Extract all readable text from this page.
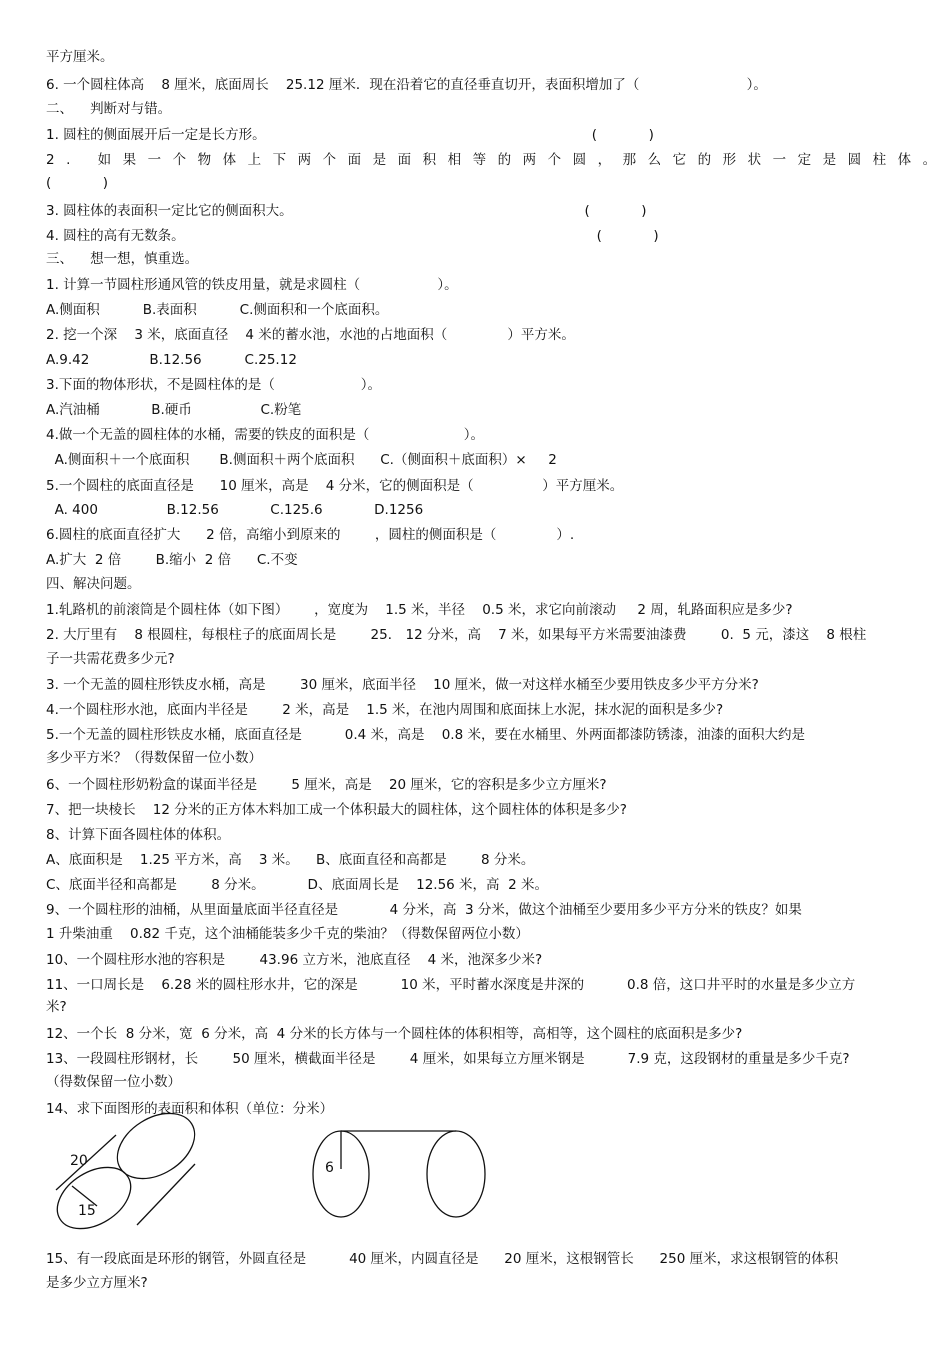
平方厘米。
6. 一个圆柱体高    8 厘米，底面周长    25.12 厘米．现在沿着它的直径垂直切开，表面积增加了（                         ）。
二、    判断对与错。
1. 圆柱的侧面展开后一定是长方形。                                                                            (            )
2. 如果一个物体上下两个面是面积相等的两个圆，那么它的形状一定是圆柱体。
(            )
3. 圆柱体的表面积一定比它的侧面积大。                                                                    (            )
4. 圆柱的高有无数条。                                                                                                (            )
三、    想一想，慎重选。
1. 计算一节圆柱形通风管的铁皮用量，就是求圆柱（                  ）。
A.侧面积          B.表面积          C.侧面积和一个底面积。
2. 挖一个深    3 米，底面直径    4 米的蓄水池，水池的占地面积（              ）平方米。
A.9.42              B.12.56          C.25.12
3.下面的物体形状，不是圆柱体的是（                    ）。
A.汽油桶            B.硬币                C.粉笔
4.做一个无盖的圆柱体的水桶，需要的铁皮的面积是（                      ）。
A.侧面积＋一个底面积       B.侧面积＋两个底面积      C.（侧面积＋底面积）×     2
5.一个圆柱的底面直径是      10 厘米，高是    4 分米，它的侧面积是（                ）平方厘米。
A. 400                B.12.56            C.125.6            D.1256
6.圆柱的底面直径扩大      2 倍，高缩小到原来的        ，圆柱的侧面积是（              ）.
A.扩大  2 倍        B.缩小  2 倍      C.不变
四、解决问题。
1.轧路机的前滚筒是个圆柱体（如下图）      ，宽度为    1.5 米，半径    0.5 米，求它向前滚动     2 周，轧路面积应是多少?
2. 大厅里有    8 根圆柱，每根柱子的底面周长是        25． 12 分米，高    7 米，如果每平方米需要油漆费        0.  5 元，漆这    8 根柱
子一共需花费多少元?
3. 一个无盖的圆柱形铁皮水桶，高是        30 厘米，底面半径    10 厘米，做一对这样水桶至少要用铁皮多少平方分米?
4.一个圆柱形水池，底面内半径是        2 米，高是    1.5 米，在池内周围和底面抹上水泥，抹水泥的面积是多少?
5.一个无盖的圆柱形铁皮水桶，底面直径是          0.4 米，高是    0.8 米，要在水桶里、外两面都漆防锈漆，油漆的面积大约是
多少平方米？（得数保留一位小数）
6、一个圆柱形奶粉盒的谋面半径是        5 厘米，高是    20 厘米，它的容积是多少立方厘米?
7、把一块棱长    12 分米的正方体木料加工成一个体积最大的圆柱体，这个圆柱体的体积是多少?
8、计算下面各圆柱体的体积。
A、底面积是    1.25 平方米，高    3 米。    B、底面直径和高都是        8 分米。
C、底面半径和高都是        8 分米。          D、底面周长是    12.56 米，高  2 米。
9、一个圆柱形的油桶，从里面量底面半径直径是            4 分米，高  3 分米，做这个油桶至少要用多少平方分米的铁皮？如果
1 升柴油重    0.82 千克，这个油桶能装多少千克的柴油？（得数保留两位小数）
10、一个圆柱形水池的容积是        43.96 立方米，池底直径    4 米，池深多少米?
11、一口周长是    6.28 米的圆柱形水井，它的深是          10 米，平时蓄水深度是井深的          0.8 倍，这口井平时的水量是多少立方
米?
12、一个长  8 分米，宽  6 分米，高  4 分米的长方体与一个圆柱体的体积相等，高相等，这个圆柱的底面积是多少?
13、一段圆柱形钢材，长        50 厘米，横截面半径是        4 厘米，如果每立方厘米钢是          7.9 克，这段钢材的重量是多少千克?
（得数保留一位小数）
14、求下面图形的表面积和体积（单位：分米）
20
15
6
15、有一段底面是环形的钢管，外圆直径是          40 厘米，内圆直径是      20 厘米，这根钢管长      250 厘米，求这根钢管的体积
是多少立方厘米?
